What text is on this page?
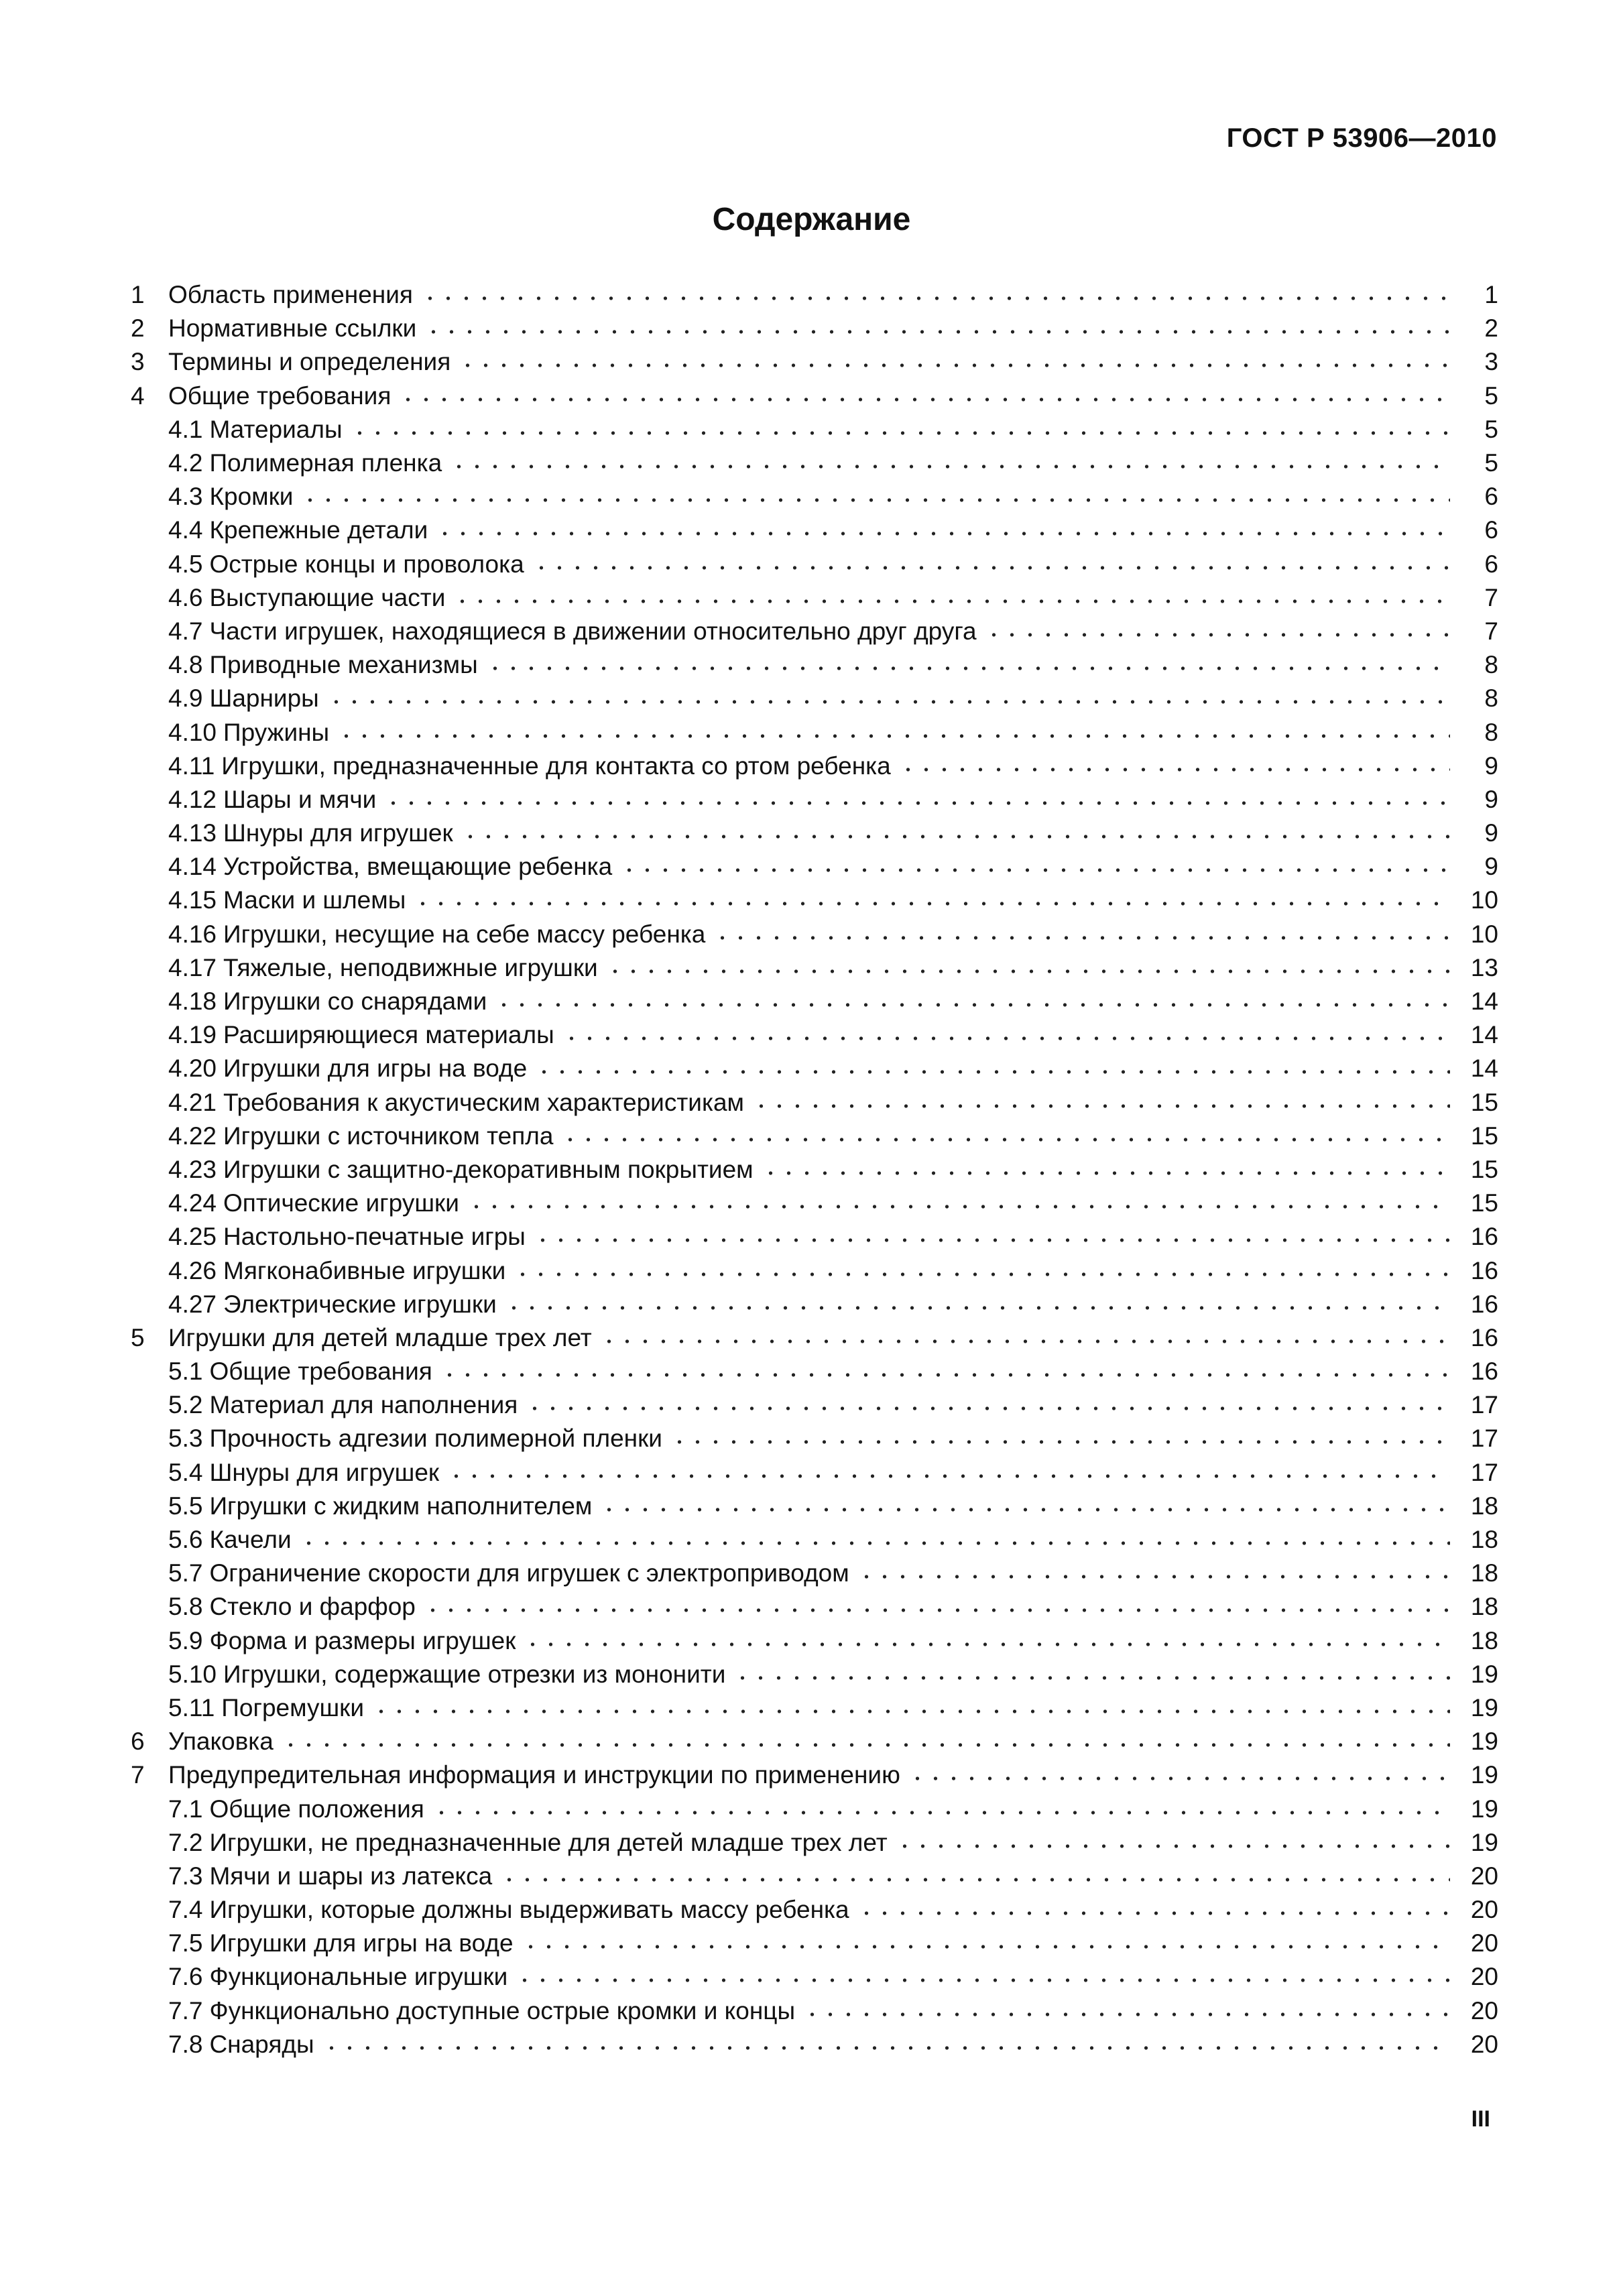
ГОСТ Р 53906—2010
Содержание
1 Область применения	1
2 Нормативные ссылки	2
3 Термины и определения	3
4 Общие требования	5
4.1 Материалы	5
4.2 Полимерная пленка	5
4.3 Кромки	6
4.4 Крепежные детали	6
4.5 Острые концы и проволока	6
4.6 Выступающие части	7
4.7 Части игрушек, находящиеся в движении относительно друг друга	7
4.8 Приводные механизмы	8
4.9 Шарниры	8
4.10 Пружины	8
4.11 Игрушки, предназначенные для контакта со ртом ребенка	9
4.12 Шары и мячи	9
4.13 Шнуры для игрушек	9
4.14 Устройства, вмещающие ребенка	9
4.15 Маски и шлемы	10
4.16 Игрушки, несущие на себе массу ребенка	10
4.17 Тяжелые, неподвижные игрушки	13
4.18 Игрушки со снарядами	14
4.19 Расширяющиеся материалы	14
4.20 Игрушки для игры на воде	14
4.21 Требования к акустическим характеристикам	15
4.22 Игрушки с источником тепла	15
4.23 Игрушки с защитно-декоративным покрытием	15
4.24 Оптические игрушки	15
4.25 Настольно-печатные игры	16
4.26 Мягконабивные игрушки	16
4.27 Электрические игрушки	16
5 Игрушки для детей младше трех лет	16
5.1 Общие требования	16
5.2 Материал для наполнения	17
5.3 Прочность адгезии полимерной пленки	17
5.4 Шнуры для игрушек	17
5.5 Игрушки с жидким наполнителем	18
5.6 Качели	18
5.7 Ограничение скорости для игрушек с электроприводом	18
5.8 Стекло и фарфор	18
5.9 Форма и размеры игрушек	18
5.10 Игрушки, содержащие отрезки из мононити	19
5.11 Погремушки	19
6 Упаковка	19
7 Предупредительная информация и инструкции по применению	19
7.1 Общие положения	19
7.2 Игрушки, не предназначенные для детей младше трех лет	19
7.3 Мячи и шары из латекса	20
7.4 Игрушки, которые должны выдерживать массу ребенка	20
7.5 Игрушки для игры на воде	20
7.6 Функциональные игрушки	20
7.7 Функционально доступные острые кромки и концы	20
7.8 Снаряды	20
III
